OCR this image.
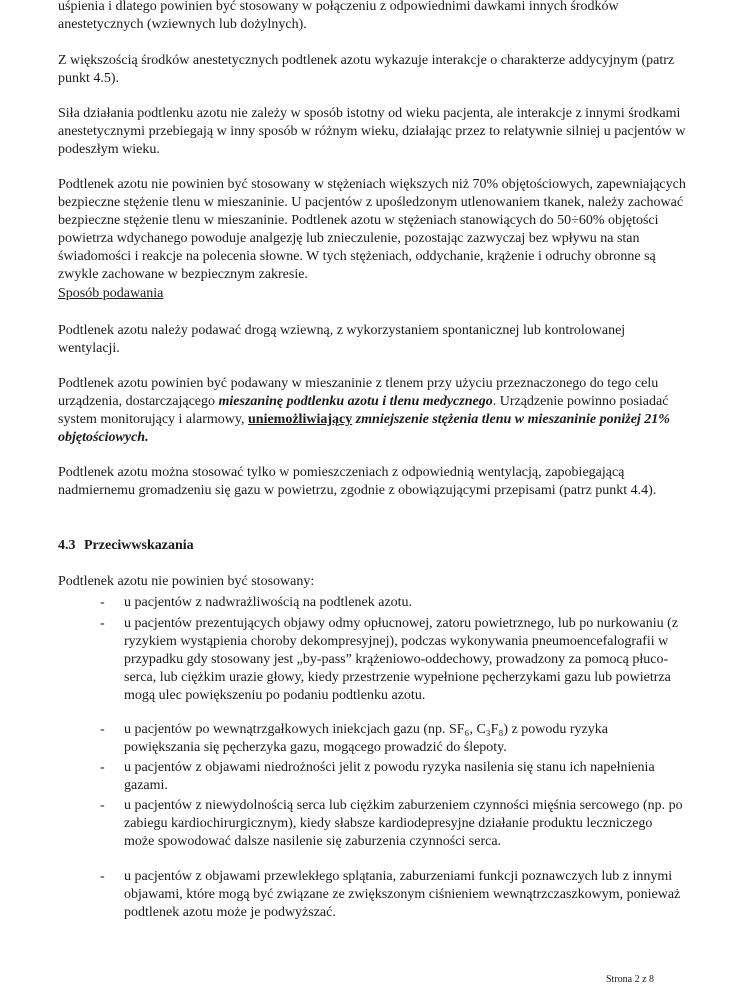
uśpienia i dlatego powinien być stosowany w połączeniu z odpowiednimi dawkami innych środków anestetycznych (wziewnych lub dożylnych).

Z większością środków anestetycznych podtlenek azotu wykazuje interakcje o charakterze addycyjnym (patrz punkt 4.5).

Siła działania podtlenku azotu nie zależy w sposób istotny od wieku pacjenta, ale interakcje z innymi środkami anestetycznymi przebiegają w inny sposób w różnym wieku, działając przez to relatywnie silniej u pacjentów w podeszłym wieku.

Podtlenek azotu nie powinien być stosowany w stężeniach większych niż 70% objętościowych, zapewniających bezpieczne stężenie tlenu w mieszaninie. U pacjentów z upośledzonym utlenowaniem tkanek, należy zachować bezpieczne stężenie tlenu w mieszaninie. Podtlenek azotu w stężeniach stanowiących do 50÷60% objętości powietrza wdychanego powoduje analgezję lub znieczulenie, pozostając zazwyczaj bez wpływu na stan świadomości i reakcje na polecenia słowne. W tych stężeniach, oddychanie, krążenie i odruchy obronne są zwykle zachowane w bezpiecznym zakresie.

Sposób podawania

Podtlenek azotu należy podawać drogą wziewną, z wykorzystaniem spontanicznej lub kontrolowanej wentylacji.

Podtlenek azotu powinien być podawany w mieszaninie z tlenem przy użyciu przeznaczonego do tego celu urządzenia, dostarczającego mieszaninę podtlenku azotu i tlenu medycznego. Urządzenie powinno posiadać system monitorujący i alarmowy, uniemożliwiający zmniejszenie stężenia tlenu w mieszaninie poniżej 21% objętościowych.

Podtlenek azotu można stosować tylko w pomieszczeniach z odpowiednią wentylacją, zapobiegającą nadmiernemu gromadzeniu się gazu w powietrzu, zgodnie z obowiązującymi przepisami (patrz punkt 4.4).

4.3 Przeciwwskazania

Podtlenek azotu nie powinien być stosowany:

- u pacjentów z nadwrażliwością na podtlenek azotu.

- u pacjentów prezentujących objawy odmy opłucnowej, zatoru powietrznego, lub po nurkowaniu (z ryzykiem wystąpienia choroby dekompresyjnej), podczas wykonywania pneumoencefalografii w przypadku gdy stosowany jest „by-pass” krążeniowo-oddechowy, prowadzony za pomocą płuco-serca, lub ciężkim urazie głowy, kiedy przestrzenie wypełnione pęcherzykami gazu lub powietrza mogą ulec powiększeniu po podaniu podtlenku azotu.

- u pacjentów po wewnątrzgałkowych iniekcjach gazu (np. SF₆, C₃F₈) z powodu ryzyka powiększania się pęcherzyka gazu, mogącego prowadzić do ślepoty.

- u pacjentów z objawami niedrożności jelit z powodu ryzyka nasilenia się stanu ich napełnienia gazami.

- u pacjentów z niewydolnością serca lub ciężkim zaburzeniem czynności mięśnia sercowego (np. po zabiegu kardiochirurgicznym), kiedy słabsze kardiodepresyjne działanie produktu leczniczego może spowodować dalsze nasilenie się zaburzenia czynności serca.

- u pacjentów z objawami przewlekłego splątania, zaburzeniami funkcji poznawczych lub z innymi objawami, które mogą być związane ze zwiększonym ciśnieniem wewnątrzczaszkowym, ponieważ podtlenek azotu może je podwyższać.

Strona 2 z 8
